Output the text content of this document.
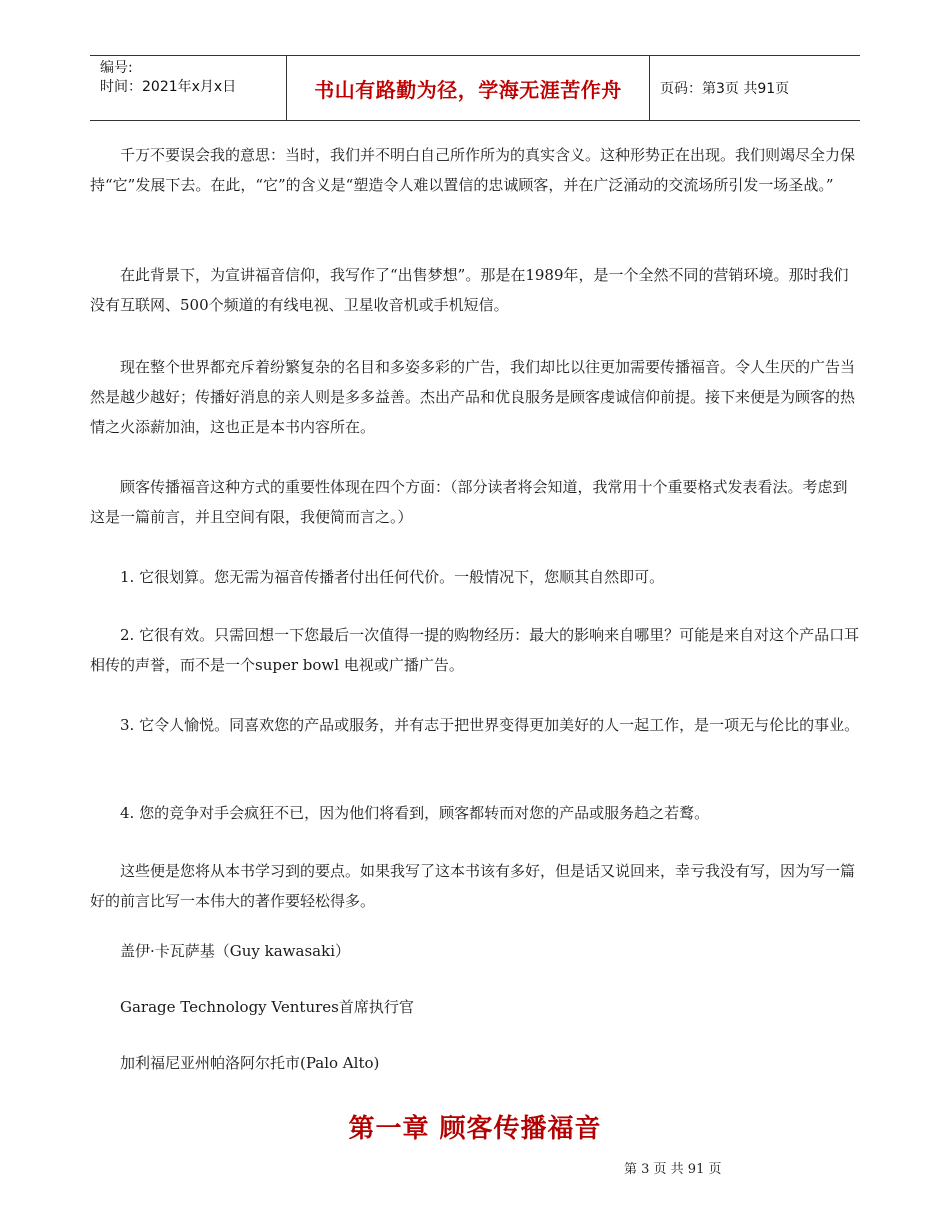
编号:
时间：2021年x月x日	书山有路勤为径，学海无涯苦作舟	页码：第3页 共91页

千万不要误会我的意思：当时，我们并不明白自己所作所为的真实含义。这种形势正在出现。我们则竭尽全力保持“它”发展下去。在此，“它”的含义是“塑造令人难以置信的忠诚顾客，并在广泛涌动的交流场所引发一场圣战。”

在此背景下，为宣讲福音信仰，我写作了“出售梦想”。那是在1989年，是一个全然不同的营销环境。那时我们没有互联网、500个频道的有线电视、卫星收音机或手机短信。

现在整个世界都充斥着纷繁复杂的名目和多姿多彩的广告，我们却比以往更加需要传播福音。令人生厌的广告当然是越少越好；传播好消息的亲人则是多多益善。杰出产品和优良服务是顾客虔诚信仰前提。接下来便是为顾客的热情之火添薪加油，这也正是本书内容所在。

顾客传播福音这种方式的重要性体现在四个方面：（部分读者将会知道，我常用十个重要格式发表看法。考虑到这是一篇前言，并且空间有限，我便简而言之。）

1. 它很划算。您无需为福音传播者付出任何代价。一般情况下，您顺其自然即可。

2. 它很有效。只需回想一下您最后一次值得一提的购物经历：最大的影响来自哪里？可能是来自对这个产品口耳相传的声誉，而不是一个super bowl 电视或广播广告。

3. 它令人愉悦。同喜欢您的产品或服务，并有志于把世界变得更加美好的人一起工作，是一项无与伦比的事业。

4. 您的竞争对手会疯狂不已，因为他们将看到，顾客都转而对您的产品或服务趋之若鹜。

这些便是您将从本书学习到的要点。如果我写了这本书该有多好，但是话又说回来，幸亏我没有写，因为写一篇好的前言比写一本伟大的著作要轻松得多。

盖伊·卡瓦萨基（Guy kawasaki）

Garage Technology Ventures首席执行官

加利福尼亚州帕洛阿尔托市(Palo Alto)

第一章 顾客传播福音
第 3 页 共 91 页
